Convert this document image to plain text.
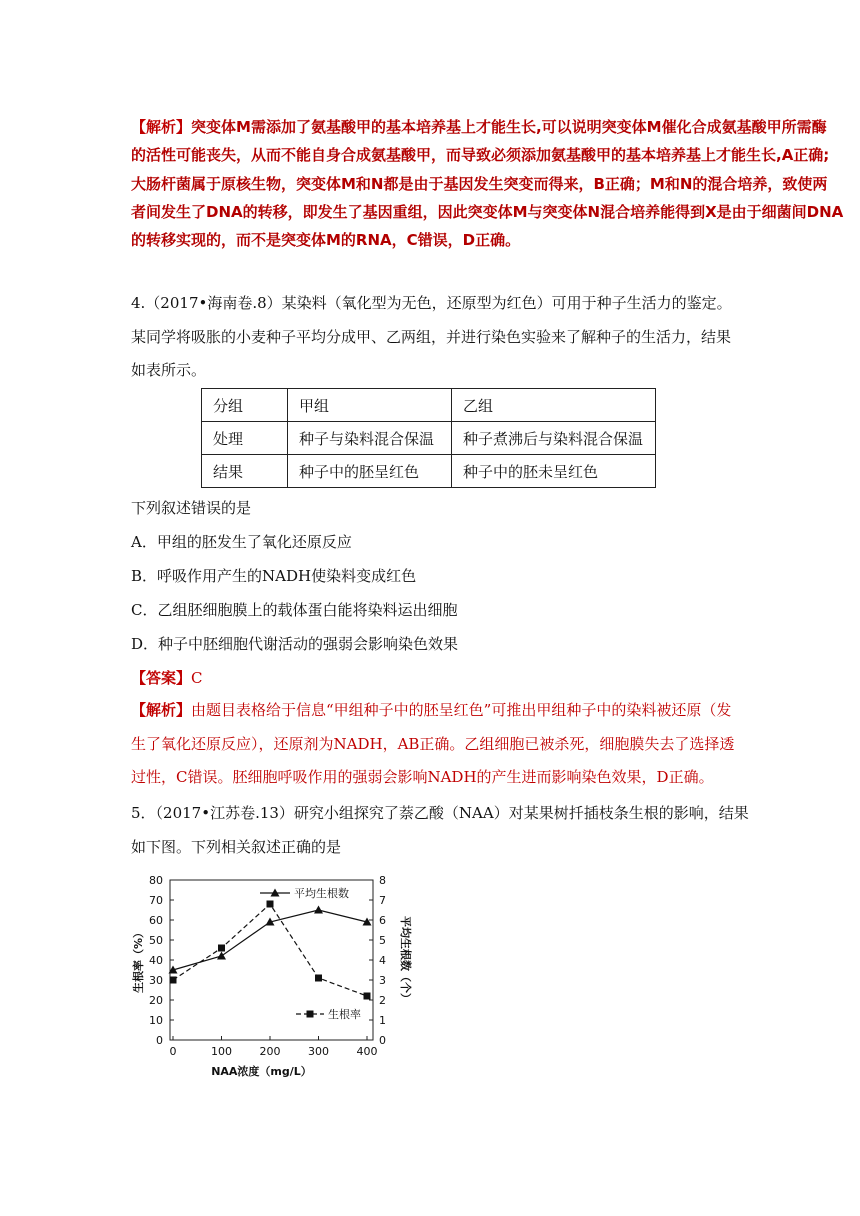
【解析】突变体M需添加了氨基酸甲的基本培养基上才能生长,可以说明突变体M催化合成氨基酸甲所需酶
的活性可能丧失，从而不能自身合成氨基酸甲，而导致必须添加氨基酸甲的基本培养基上才能生长,A正确;
大肠杆菌属于原核生物，突变体M和N都是由于基因发生突变而得来，B正确；M和N的混合培养，致使两
者间发生了DNA的转移，即发生了基因重组，因此突变体M与突变体N混合培养能得到X是由于细菌间DNA
的转移实现的，而不是突变体M的RNA，C错误，D正确。
4.（2017•海南卷.8）某染料（氧化型为无色，还原型为红色）可用于种子生活力的鉴定。
某同学将吸胀的小麦种子平均分成甲、乙两组，并进行染色实验来了解种子的生活力，结果
如表所示。
分组	甲组	乙组
处理	种子与染料混合保温	种子煮沸后与染料混合保温
结果	种子中的胚呈红色	种子中的胚未呈红色
下列叙述错误的是
A．甲组的胚发生了氧化还原反应
B．呼吸作用产生的NADH使染料变成红色
C．乙组胚细胞膜上的载体蛋白能将染料运出细胞
D．种子中胚细胞代谢活动的强弱会影响染色效果
【答案】C
【解析】由题目表格给于信息“甲组种子中的胚呈红色”可推出甲组种子中的染料被还原（发
生了氧化还原反应），还原剂为NADH，AB正确。乙组细胞已被杀死，细胞膜失去了选择透
过性，C错误。胚细胞呼吸作用的强弱会影响NADH的产生进而影响染色效果，D正确。
5．（2017•江苏卷.13）研究小组探究了萘乙酸（NAA）对某果树扦插枝条生根的影响，结果
如下图。下列相关叙述正确的是
0
10
20
30
40
50
60
70
80
0
1
2
3
4
5
6
7
8
0	100	200	300	400
NAA浓度（mg/L）
生根率（%）	平均生根数（个）
平均生根数
生根率
